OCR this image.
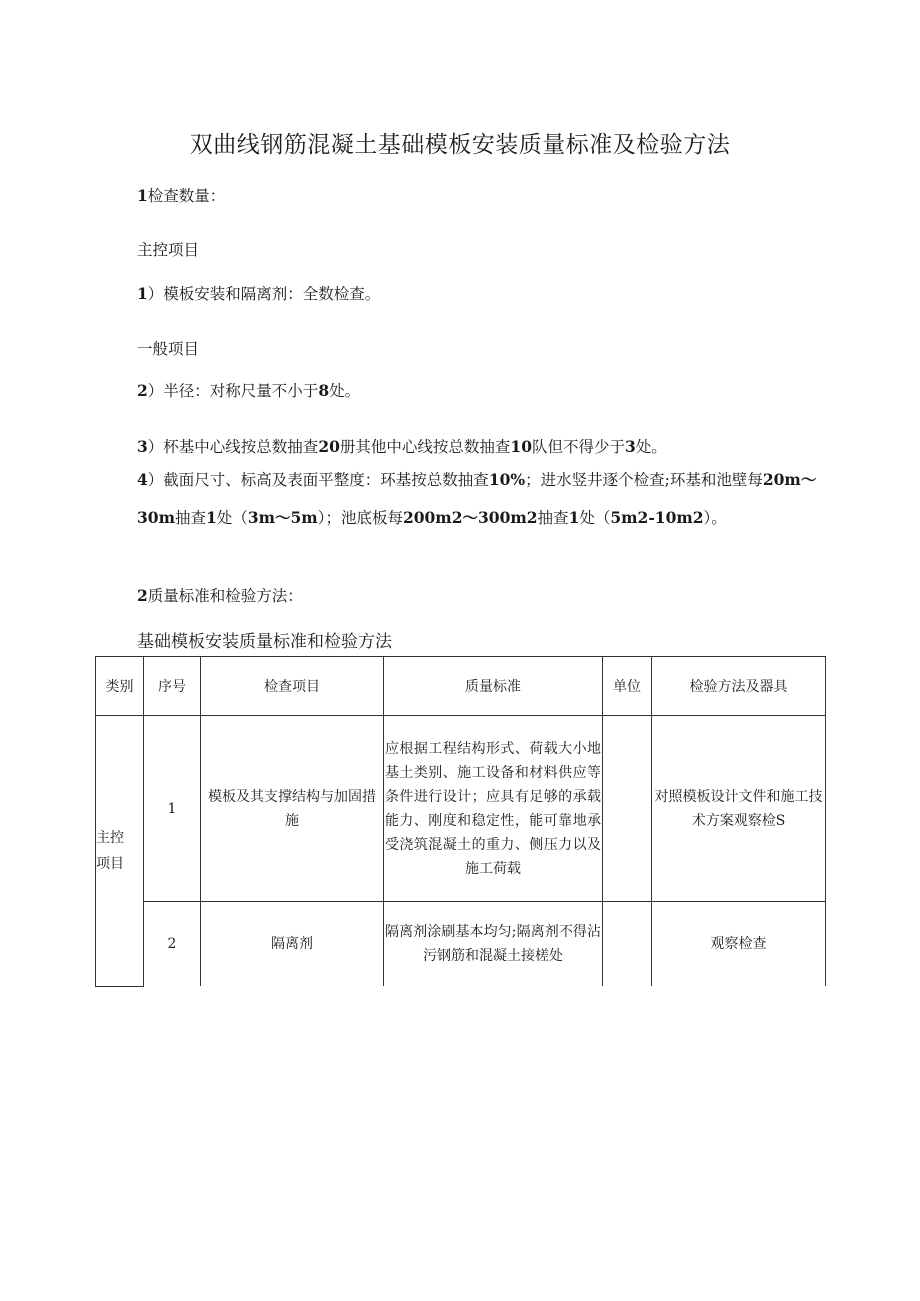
双曲线钢筋混凝土基础模板安装质量标准及检验方法
1检查数量：
主控项目
1）模板安装和隔离剂：全数检查。
一般项目
2）半径：对称尺量不小于8处。
3）杯基中心线按总数抽查20册其他中心线按总数抽查10队但不得少于3处。
4）截面尺寸、标高及表面平整度：环基按总数抽查10%；进水竖井逐个检查;环基和池壁每20m～30m抽查1处（3m～5m）；池底板每200m2～300m2抽查1处（5m2-10m2）。
2质量标准和检验方法：
基础模板安装质量标准和检验方法
类别	序号	检查项目	质量标准	单位	检验方法及器具
主控项目	1	模板及其支撑结构与加固措施	应根据工程结构形式、荷载大小地基土类别、施工设备和材料供应等条件进行设计；应具有足够的承载能力、刚度和稳定性，能可靠地承受浇筑混凝土的重力、侧压力以及施工荷载		对照模板设计文件和施工技术方案观察检S

	2	隔离剂	隔离剂涂刷基本均匀;隔离剂不得沾污钢筋和混凝土接槎处		观察检查
